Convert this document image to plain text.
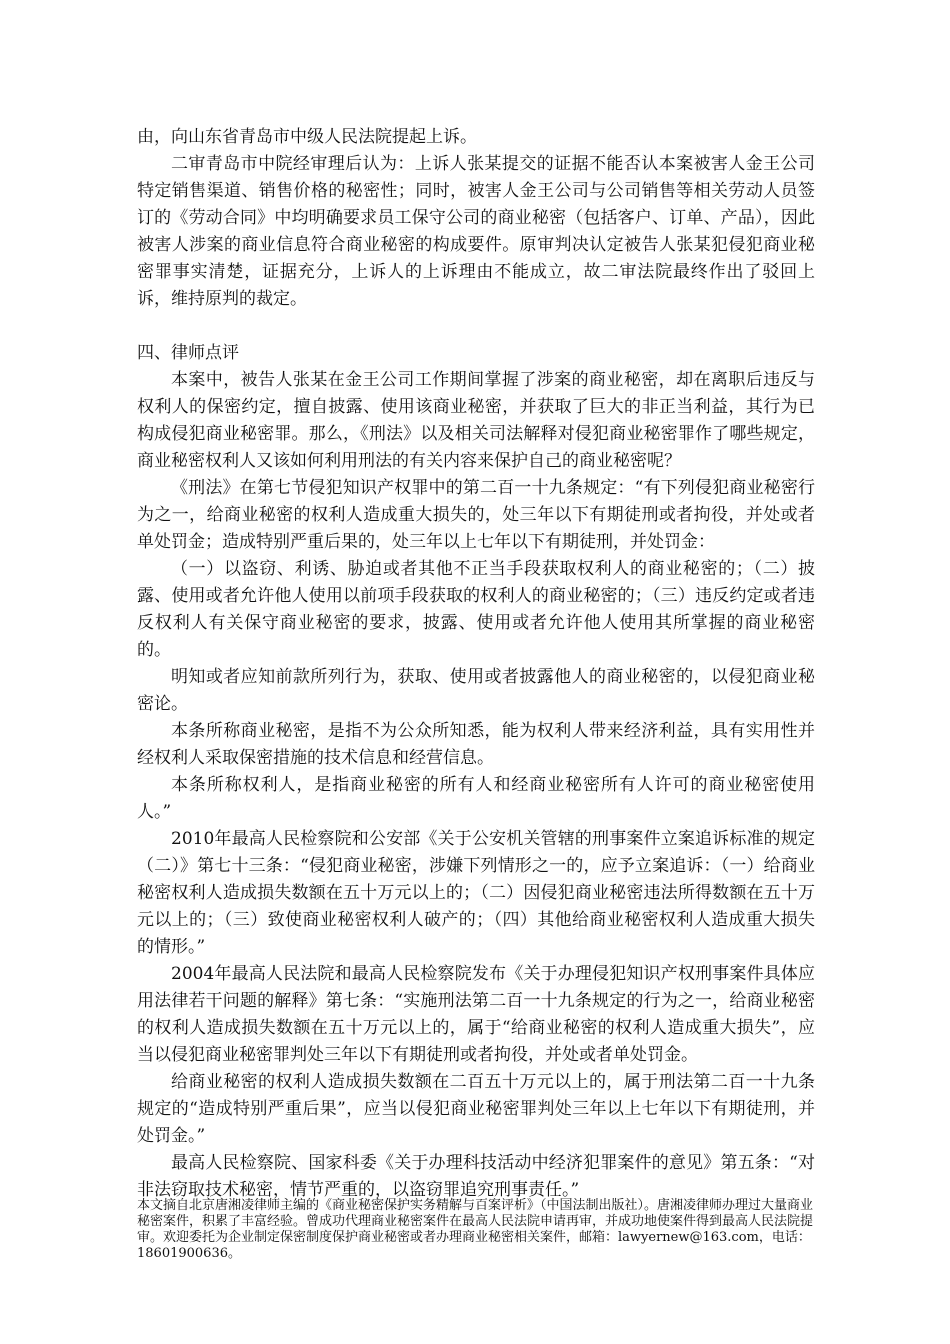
由，向山东省青岛市中级人民法院提起上诉。

二审青岛市中院经审理后认为：上诉人张某提交的证据不能否认本案被害人金王公司特定销售渠道、销售价格的秘密性；同时，被害人金王公司与公司销售等相关劳动人员签订的《劳动合同》中均明确要求员工保守公司的商业秘密（包括客户、订单、产品），因此被害人涉案的商业信息符合商业秘密的构成要件。原审判决认定被告人张某犯侵犯商业秘密罪事实清楚，证据充分，上诉人的上诉理由不能成立，故二审法院最终作出了驳回上诉，维持原判的裁定。

四、律师点评

本案中，被告人张某在金王公司工作期间掌握了涉案的商业秘密，却在离职后违反与权利人的保密约定，擅自披露、使用该商业秘密，并获取了巨大的非正当利益，其行为已构成侵犯商业秘密罪。那么，《刑法》以及相关司法解释对侵犯商业秘密罪作了哪些规定，商业秘密权利人又该如何利用刑法的有关内容来保护自己的商业秘密呢？

《刑法》在第七节侵犯知识产权罪中的第二百一十九条规定：“有下列侵犯商业秘密行为之一，给商业秘密的权利人造成重大损失的，处三年以下有期徒刑或者拘役，并处或者单处罚金；造成特别严重后果的，处三年以上七年以下有期徒刑，并处罚金：

（一）以盗窃、利诱、胁迫或者其他不正当手段获取权利人的商业秘密的；（二）披露、使用或者允许他人使用以前项手段获取的权利人的商业秘密的；（三）违反约定或者违反权利人有关保守商业秘密的要求，披露、使用或者允许他人使用其所掌握的商业秘密的。

明知或者应知前款所列行为，获取、使用或者披露他人的商业秘密的，以侵犯商业秘密论。

本条所称商业秘密，是指不为公众所知悉，能为权利人带来经济利益，具有实用性并经权利人采取保密措施的技术信息和经营信息。

本条所称权利人，是指商业秘密的所有人和经商业秘密所有人许可的商业秘密使用人。”

2010年最高人民检察院和公安部《关于公安机关管辖的刑事案件立案追诉标准的规定（二）》第七十三条：“侵犯商业秘密，涉嫌下列情形之一的，应予立案追诉：（一）给商业秘密权利人造成损失数额在五十万元以上的；（二）因侵犯商业秘密违法所得数额在五十万元以上的；（三）致使商业秘密权利人破产的；（四）其他给商业秘密权利人造成重大损失的情形。”

2004年最高人民法院和最高人民检察院发布《关于办理侵犯知识产权刑事案件具体应用法律若干问题的解释》第七条：“实施刑法第二百一十九条规定的行为之一，给商业秘密的权利人造成损失数额在五十万元以上的，属于“给商业秘密的权利人造成重大损失”，应当以侵犯商业秘密罪判处三年以下有期徒刑或者拘役，并处或者单处罚金。

给商业秘密的权利人造成损失数额在二百五十万元以上的，属于刑法第二百一十九条规定的“造成特别严重后果”，应当以侵犯商业秘密罪判处三年以上七年以下有期徒刑，并处罚金。”

最高人民检察院、国家科委《关于办理科技活动中经济犯罪案件的意见》第五条：“对非法窃取技术秘密，情节严重的，以盗窃罪追究刑事责任。”

本文摘自北京唐湘凌律师主编的《商业秘密保护实务精解与百案评析》（中国法制出版社）。唐湘凌律师办理过大量商业秘密案件，积累了丰富经验。曾成功代理商业秘密案件在最高人民法院申请再审，并成功地使案件得到最高人民法院提审。欢迎委托为企业制定保密制度保护商业秘密或者办理商业秘密相关案件，邮箱：lawyernew@163.com，电话：18601900636。
